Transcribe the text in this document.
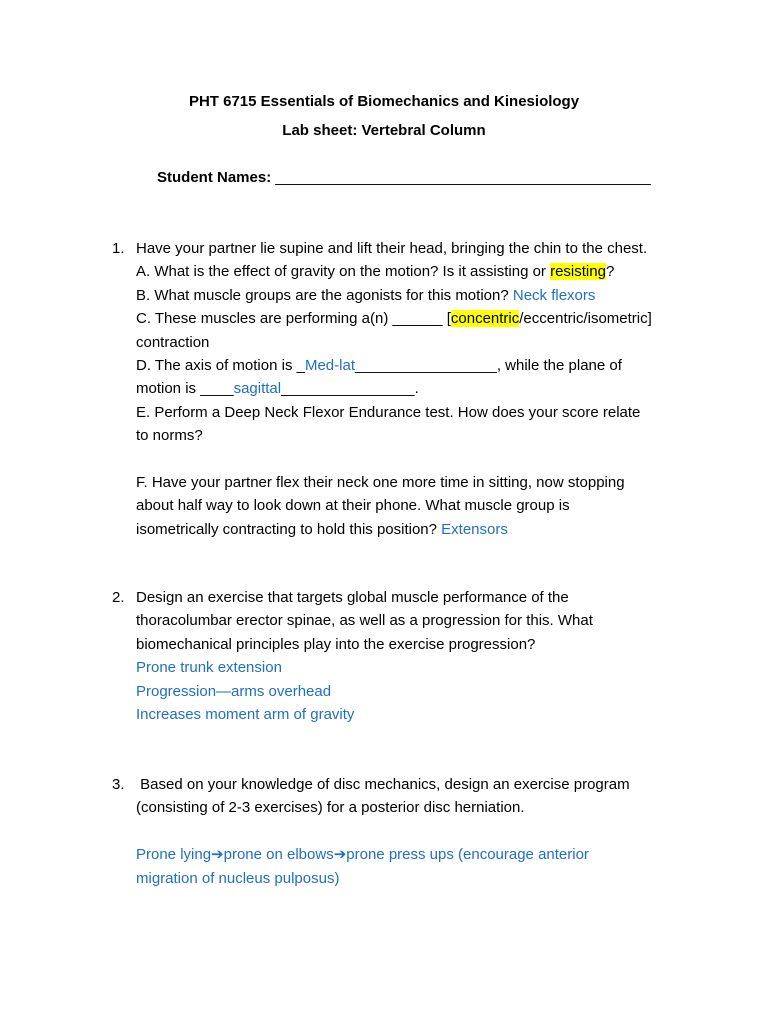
PHT 6715 Essentials of Biomechanics and Kinesiology
Lab sheet: Vertebral Column
Student Names: _____________________________________________
1. Have your partner lie supine and lift their head, bringing the chin to the chest.
A. What is the effect of gravity on the motion? Is it assisting or resisting?
B. What muscle groups are the agonists for this motion? Neck flexors
C. These muscles are performing a(n) ______ [concentric/eccentric/isometric]
contraction
D. The axis of motion is _Med-lat_________________, while the plane of
motion is ____sagittal________________.
E. Perform a Deep Neck Flexor Endurance test. How does your score relate
to norms?
F. Have your partner flex their neck one more time in sitting, now stopping
about half way to look down at their phone. What muscle group is
isometrically contracting to hold this position? Extensors
2. Design an exercise that targets global muscle performance of the
thoracolumbar erector spinae, as well as a progression for this. What
biomechanical principles play into the exercise progression?
Prone trunk extension
Progression—arms overhead
Increases moment arm of gravity
3. Based on your knowledge of disc mechanics, design an exercise program
(consisting of 2-3 exercises) for a posterior disc herniation.
Prone lying➔prone on elbows➔prone press ups (encourage anterior
migration of nucleus pulposus)
